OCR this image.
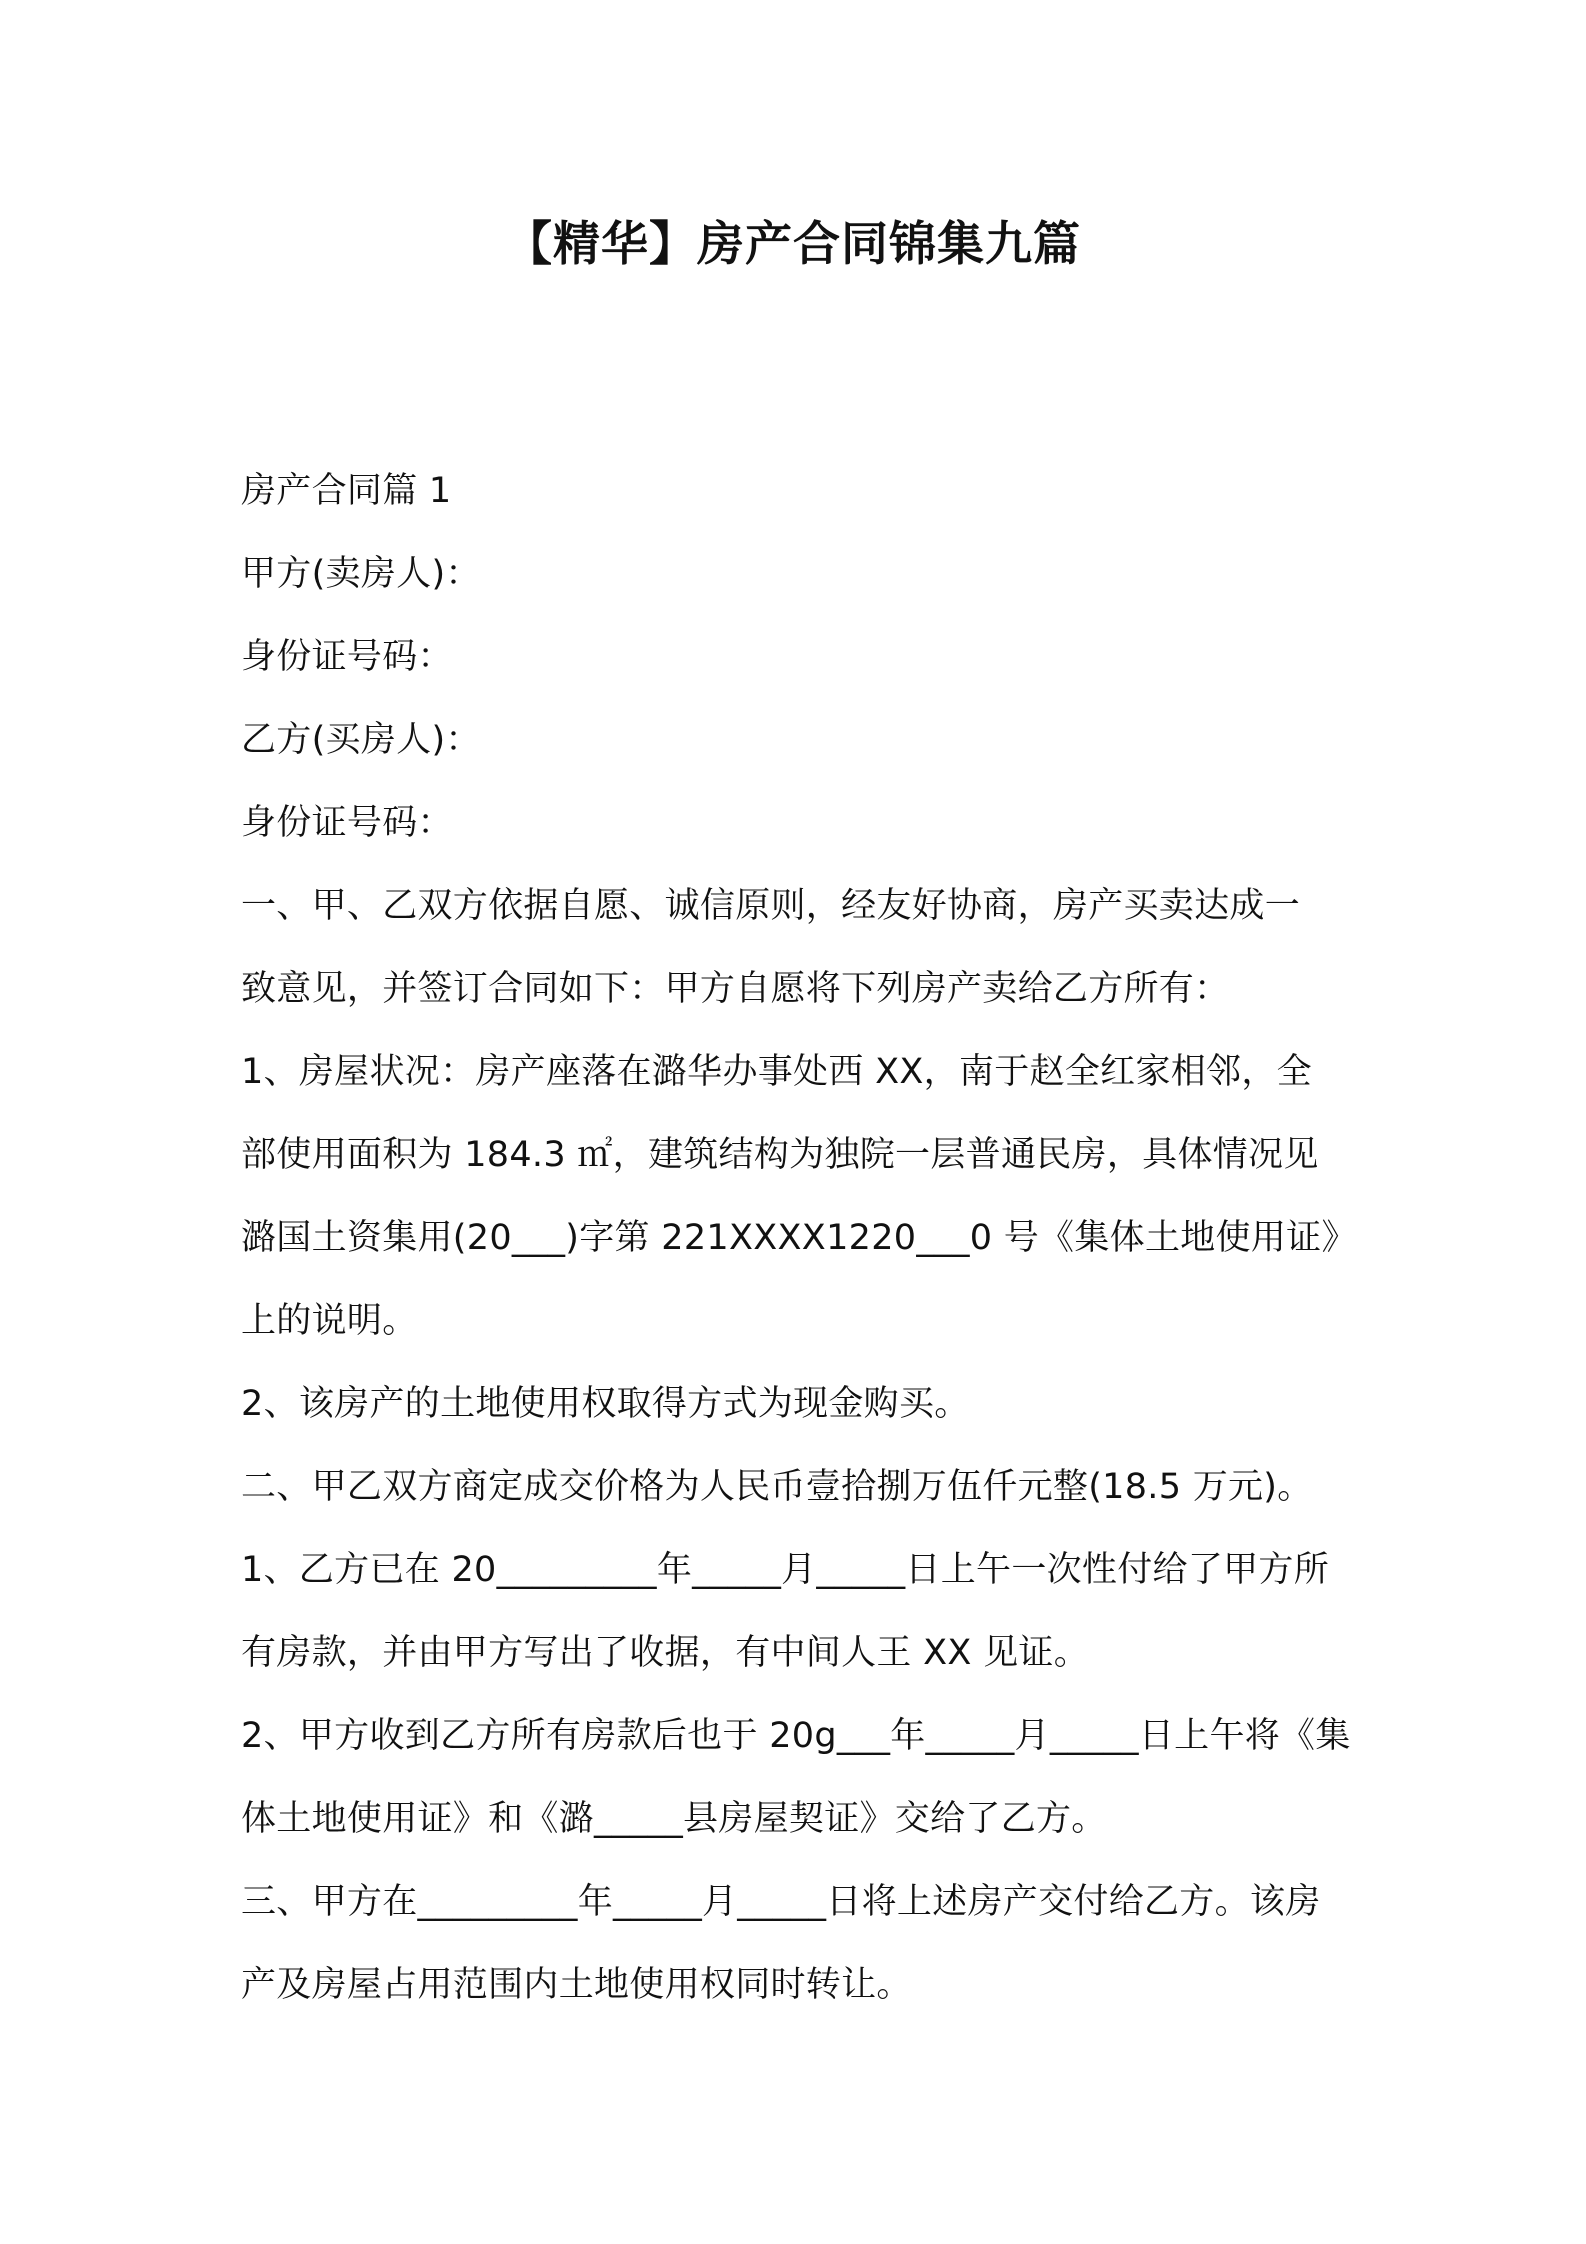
【精华】房产合同锦集九篇
房产合同篇 1
甲方(卖房人)：
身份证号码：
乙方(买房人)：
身份证号码：
一、甲、乙双方依据自愿、诚信原则，经友好协商，房产买卖达成一
致意见，并签订合同如下：甲方自愿将下列房产卖给乙方所有：
1、房屋状况：房产座落在潞华办事处西 XX，南于赵全红家相邻，全
部使用面积为 184.3 ㎡，建筑结构为独院一层普通民房，具体情况见
潞国土资集用(20___)字第 221XXXX1220___0 号《集体土地使用证》
上的说明。
2、该房产的土地使用权取得方式为现金购买。
二、甲乙双方商定成交价格为人民币壹拾捌万伍仟元整(18.5 万元)。
1、乙方已在 20_________年_____月_____日上午一次性付给了甲方所
有房款，并由甲方写出了收据，有中间人王 XX 见证。
2、甲方收到乙方所有房款后也于 20g___年_____月_____日上午将《集
体土地使用证》和《潞_____县房屋契证》交给了乙方。
三、甲方在_________年_____月_____日将上述房产交付给乙方。该房
产及房屋占用范围内土地使用权同时转让。
